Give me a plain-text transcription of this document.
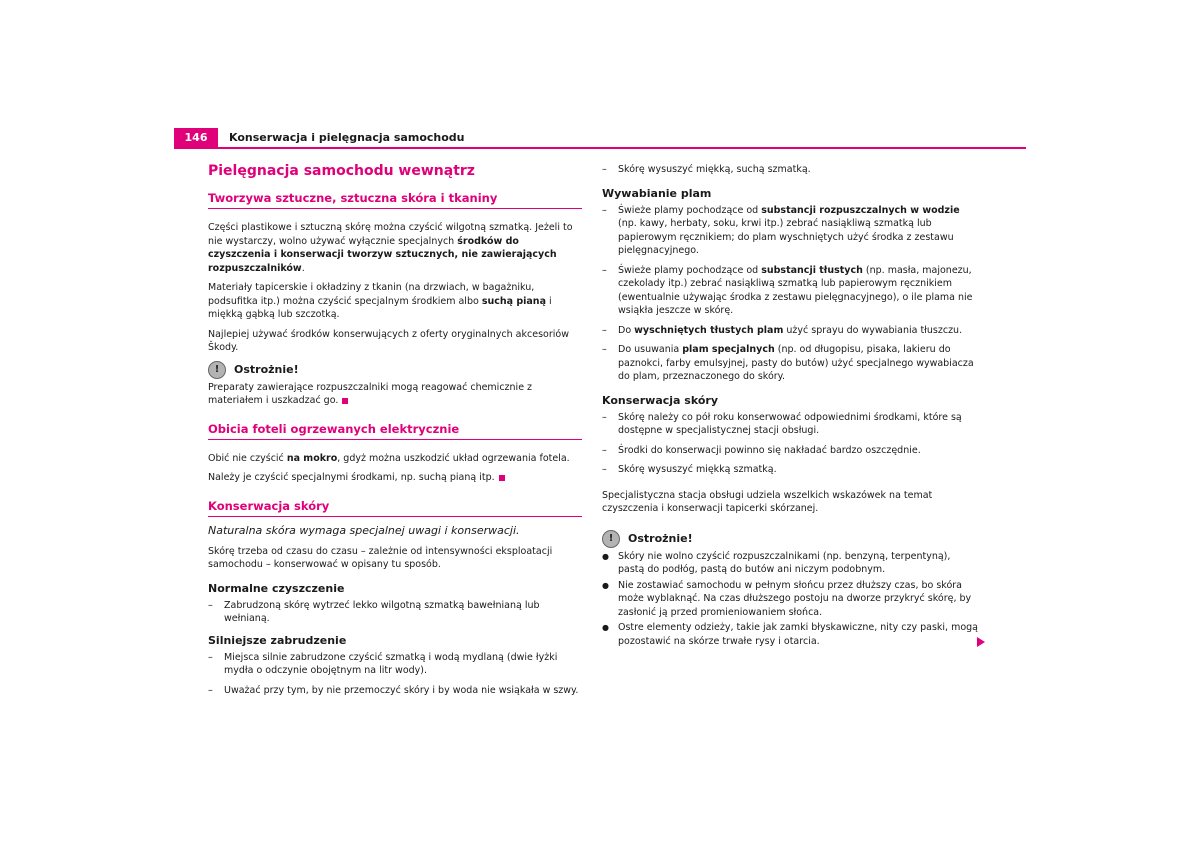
146	Konserwacja i pielęgnacja samochodu
Pielęgnacja samochodu wewnątrz
Tworzywa sztuczne, sztuczna skóra i tkaniny

Części plastikowe i sztuczną skórę można czyścić wilgotną szmatką. Jeżeli to nie wystarczy, wolno używać wyłącznie specjalnych środków do czyszczenia i konserwacji tworzyw sztucznych, nie zawierających rozpuszczalników.

Materiały tapicerskie i okładziny z tkanin (na drzwiach, w bagażniku, podsufitka itp.) można czyścić specjalnym środkiem albo suchą pianą i miękką gąbką lub szczotką.

Najlepiej używać środków konserwujących z oferty oryginalnych akcesoriów Škody.

!	Ostrożnie!

Preparaty zawierające rozpuszczalniki mogą reagować chemicznie z materiałem i uszkadzać go.

Obicia foteli ogrzewanych elektrycznie

Obić nie czyścić na mokro, gdyż można uszkodzić układ ogrzewania fotela.

Należy je czyścić specjalnymi środkami, np. suchą pianą itp.

Konserwacja skóry

Naturalna skóra wymaga specjalnej uwagi i konserwacji.

Skórę trzeba od czasu do czasu – zależnie od intensywności eksploatacji samochodu – konserwować w opisany tu sposób.

Normalne czyszczenie
– Zabrudzoną skórę wytrzeć lekko wilgotną szmatką bawełnianą lub wełnianą.
Silniejsze zabrudzenie
– Miejsca silnie zabrudzone czyścić szmatką i wodą mydlaną (dwie łyżki mydła o odczynie obojętnym na litr wody).
– Uważać przy tym, by nie przemoczyć skóry i by woda nie wsiąkała w szwy.
– Skórę wysuszyć miękką, suchą szmatką.
Wywabianie plam
– Świeże plamy pochodzące od substancji rozpuszczalnych w wodzie (np. kawy, herbaty, soku, krwi itp.) zebrać nasiąkliwą szmatką lub papierowym ręcznikiem; do plam wyschniętych użyć środka z zestawu pielęgnacyjnego.
– Świeże plamy pochodzące od substancji tłustych (np. masła, majonezu, czekolady itp.) zebrać nasiąkliwą szmatką lub papierowym ręcznikiem (ewentualnie używając środka z zestawu pielęgnacyjnego), o ile plama nie wsiąkła jeszcze w skórę.
– Do wyschniętych tłustych plam użyć sprayu do wywabiania tłuszczu.
– Do usuwania plam specjalnych (np. od długopisu, pisaka, lakieru do paznokci, farby emulsyjnej, pasty do butów) użyć specjalnego wywabiacza do plam, przeznaczonego do skóry.
Konserwacja skóry
– Skórę należy co pół roku konserwować odpowiednimi środkami, które są dostępne w specjalistycznej stacji obsługi.
– Środki do konserwacji powinno się nakładać bardzo oszczędnie.
– Skórę wysuszyć miękką szmatką.

Specjalistyczna stacja obsługi udziela wszelkich wskazówek na temat czyszczenia i konserwacji tapicerki skórzanej.

!	Ostrożnie!
● Skóry nie wolno czyścić rozpuszczalnikami (np. benzyną, terpentyną), pastą do podłóg, pastą do butów ani niczym podobnym.
● Nie zostawiać samochodu w pełnym słońcu przez dłuższy czas, bo skóra może wyblaknąć. Na czas dłuższego postoju na dworze przykryć skórę, by zasłonić ją przed promieniowaniem słońca.
● Ostre elementy odzieży, takie jak zamki błyskawiczne, nity czy paski, mogą pozostawić na skórze trwałe rysy i otarcia.
